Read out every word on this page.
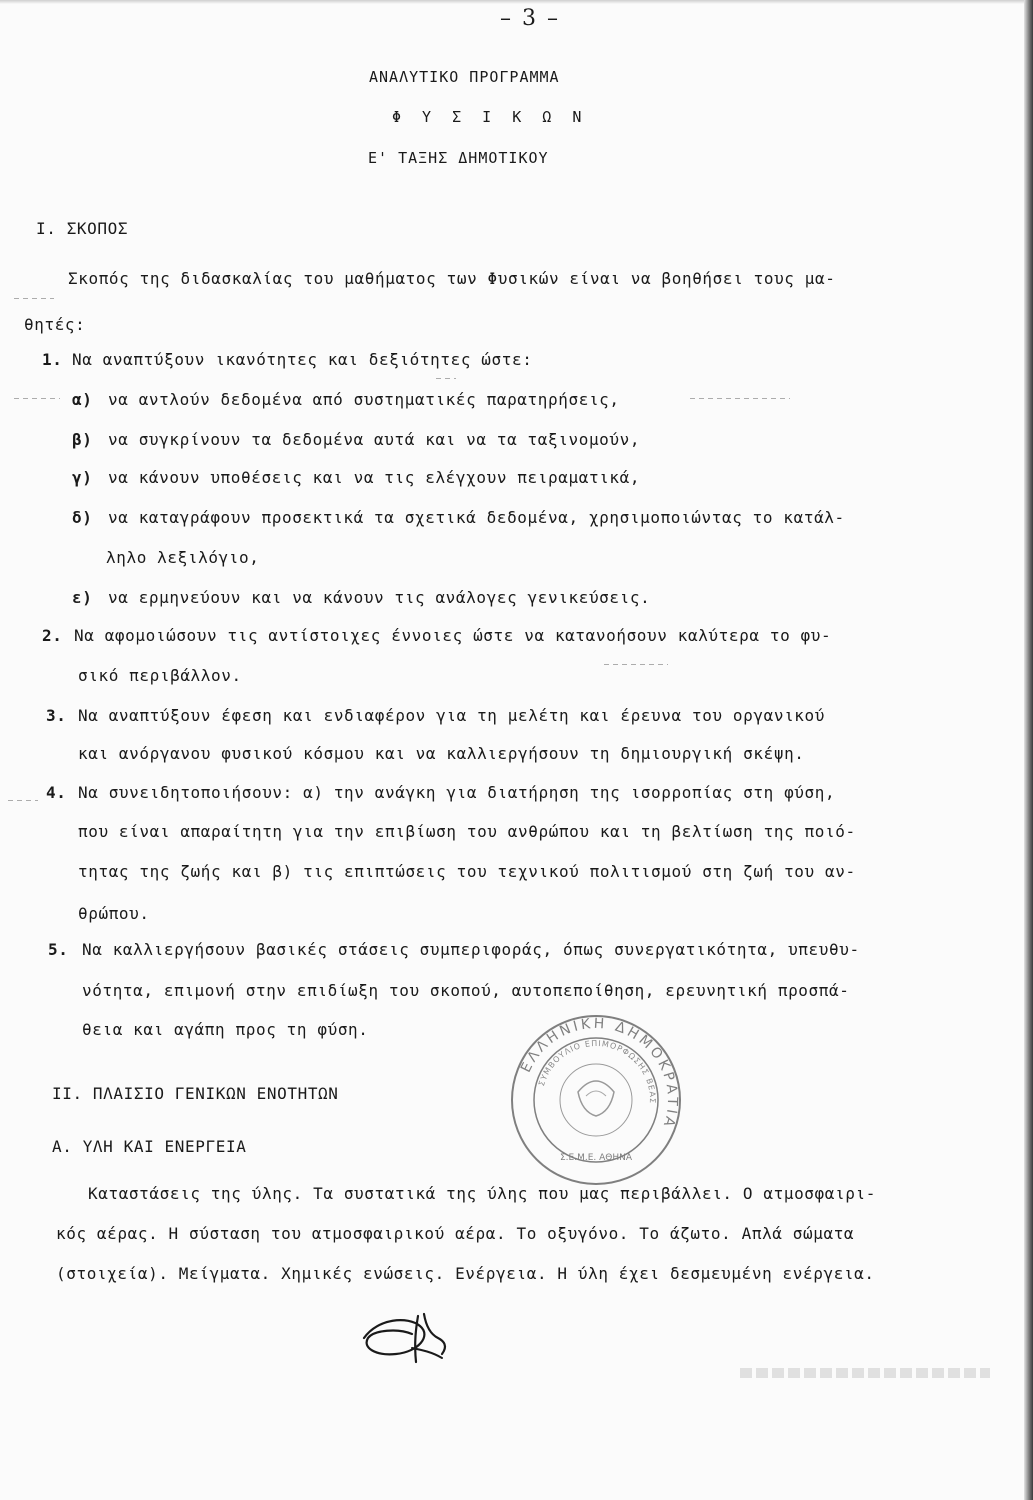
– 3 –
ΑΝΑΛΥΤΙΚΟ ΠΡΟΓΡΑΜΜΑ
Φ Υ Σ Ι Κ Ω Ν
Ε' ΤΑΞΗΣ ΔΗΜΟΤΙΚΟΥ
I. ΣΚΟΠΟΣ
Σκοπός της διδασκαλίας του μαθήματος των Φυσικών είναι να βοηθήσει τους μα-
θητές:
1. Να αναπτύξουν ικανότητες και δεξιότητες ώστε:
α) να αντλούν δεδομένα από συστηματικές παρατηρήσεις,
β) να συγκρίνουν τα δεδομένα αυτά και να τα ταξινομούν,
γ) να κάνουν υποθέσεις και να τις ελέγχουν πειραματικά,
δ) να καταγράφουν προσεκτικά τα σχετικά δεδομένα, χρησιμοποιώντας το κατάλ-
ληλο λεξιλόγιο,
ε) να ερμηνεύουν και να κάνουν τις ανάλογες γενικεύσεις.
2. Να αφομοιώσουν τις αντίστοιχες έννοιες ώστε να κατανοήσουν καλύτερα το φυ-
σικό περιβάλλον.
3. Να αναπτύξουν έφεση και ενδιαφέρον για τη μελέτη και έρευνα του οργανικού
και ανόργανου φυσικού κόσμου και να καλλιεργήσουν τη δημιουργική σκέψη.
4. Να συνειδητοποιήσουν: α) την ανάγκη για διατήρηση της ισορροπίας στη φύση,
που είναι απαραίτητη για την επιβίωση του ανθρώπου και τη βελτίωση της ποιό-
τητας της ζωής και β) τις επιπτώσεις του τεχνικού πολιτισμού στη ζωή του αν-
θρώπου.
5. Να καλλιεργήσουν βασικές στάσεις συμπεριφοράς, όπως συνεργατικότητα, υπευθυ-
νότητα, επιμονή στην επιδίωξη του σκοπού, αυτοπεποίθηση, ερευνητική προσπά-
θεια και αγάπη προς τη φύση.
II. ΠΛΑΙΣΙΟ ΓΕΝΙΚΩΝ ΕΝΟΤΗΤΩΝ
Α. ΥΛΗ ΚΑΙ ΕΝΕΡΓΕΙΑ
Καταστάσεις της ύλης. Τα συστατικά της ύλης που μας περιβάλλει. Ο ατμοσφαιρι-
κός αέρας. Η σύσταση του ατμοσφαιρικού αέρα. Το οξυγόνο. Το άζωτο. Απλά σώματα
(στοιχεία). Μείγματα. Χημικές ενώσεις. Ενέργεια. Η ύλη έχει δεσμευμένη ενέργεια.
ΕΛΛΗΝΙΚΗ ΔΗΜΟΚΡΑΤΙΑ
ΣΥΜΒΟΥΛΙΟ ΕΠΙΜΟΡΦΩΣΗΣ ΒΕΑΣ
Σ.Ε.Μ.Ε. ΑΘΗΝΑ
